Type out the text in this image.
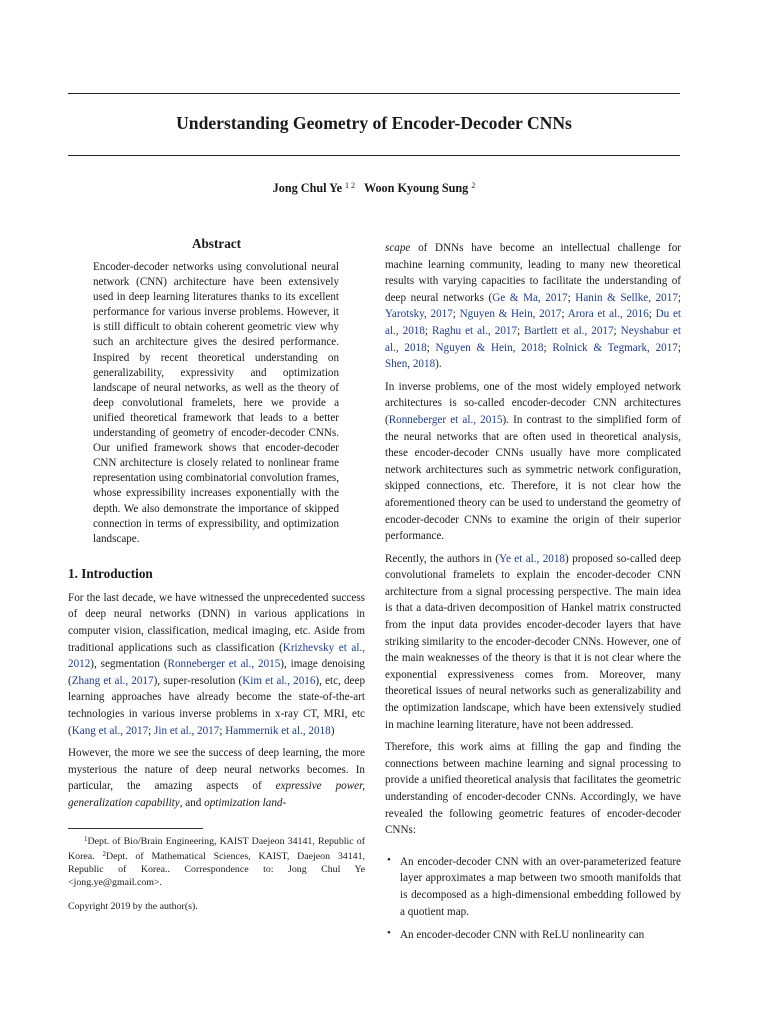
Understanding Geometry of Encoder-Decoder CNNs
Jong Chul Ye $^{1 2}$ Woon Kyoung Sung $^2$
Abstract

Encoder-decoder networks using convolutional neural network (CNN) architecture have been extensively used in deep learning literatures thanks to its excellent performance for various inverse problems. However, it is still difficult to obtain coherent geometric view why such an architecture gives the desired performance. Inspired by recent theoretical understanding on generalizability, expressivity and optimization landscape of neural networks, as well as the theory of deep convolutional framelets, here we provide a unified theoretical framework that leads to a better understanding of geometry of encoder-decoder CNNs. Our unified framework shows that encoder-decoder CNN architecture is closely related to nonlinear frame representation using combinatorial convolution frames, whose expressibility increases exponentially with the depth. We also demonstrate the importance of skipped connection in terms of expressibility, and optimization landscape.

1. Introduction

For the last decade, we have witnessed the unprecedented success of deep neural networks (DNN) in various applications in computer vision, classification, medical imaging, etc. Aside from traditional applications such as classification (Krizhevsky et al., 2012), segmentation (Ronneberger et al., 2015), image denoising (Zhang et al., 2017), super-resolution (Kim et al., 2016), etc, deep learning approaches have already become the state-of-the-art technologies in various inverse problems in x-ray CT, MRI, etc (Kang et al., 2017; Jin et al., 2017; Hammernik et al., 2018)

However, the more we see the success of deep learning, the more mysterious the nature of deep neural networks becomes. In particular, the amazing aspects of expressive power, generalization capability, and optimization land-

$^1$Dept. of Bio/Brain Engineering, KAIST Daejeon 34141, Republic of Korea. $^2$Dept. of Mathematical Sciences, KAIST, Daejeon 34141, Republic of Korea.. Correspondence to: Jong Chul Ye <jong.ye@gmail.com>.

Copyright 2019 by the author(s).

scape of DNNs have become an intellectual challenge for machine learning community, leading to many new theoretical results with varying capacities to facilitate the understanding of deep neural networks (Ge & Ma, 2017; Hanin & Sellke, 2017; Yarotsky, 2017; Nguyen & Hein, 2017; Arora et al., 2016; Du et al., 2018; Raghu et al., 2017; Bartlett et al., 2017; Neyshabur et al., 2018; Nguyen & Hein, 2018; Rolnick & Tegmark, 2017; Shen, 2018).

In inverse problems, one of the most widely employed network architectures is so-called encoder-decoder CNN architectures (Ronneberger et al., 2015). In contrast to the simplified form of the neural networks that are often used in theoretical analysis, these encoder-decoder CNNs usually have more complicated network architectures such as symmetric network configuration, skipped connections, etc. Therefore, it is not clear how the aforementioned theory can be used to understand the geometry of encoder-decoder CNNs to examine the origin of their superior performance.

Recently, the authors in (Ye et al., 2018) proposed so-called deep convolutional framelets to explain the encoder-decoder CNN architecture from a signal processing perspective. The main idea is that a data-driven decomposition of Hankel matrix constructed from the input data provides encoder-decoder layers that have striking similarity to the encoder-decoder CNNs. However, one of the main weaknesses of the theory is that it is not clear where the exponential expressiveness comes from. Moreover, many theoretical issues of neural networks such as generalizability and the optimization landscape, which have been extensively studied in machine learning literature, have not been addressed.

Therefore, this work aims at filling the gap and finding the connections between machine learning and signal processing to provide a unified theoretical analysis that facilitates the geometric understanding of encoder-decoder CNNs. Accordingly, we have revealed the following geometric features of encoder-decoder CNNs:

• An encoder-decoder CNN with an over-parameterized feature layer approximates a map between two smooth manifolds that is decomposed as a high-dimensional embedding followed by a quotient map.

• An encoder-decoder CNN with ReLU nonlinearity can
